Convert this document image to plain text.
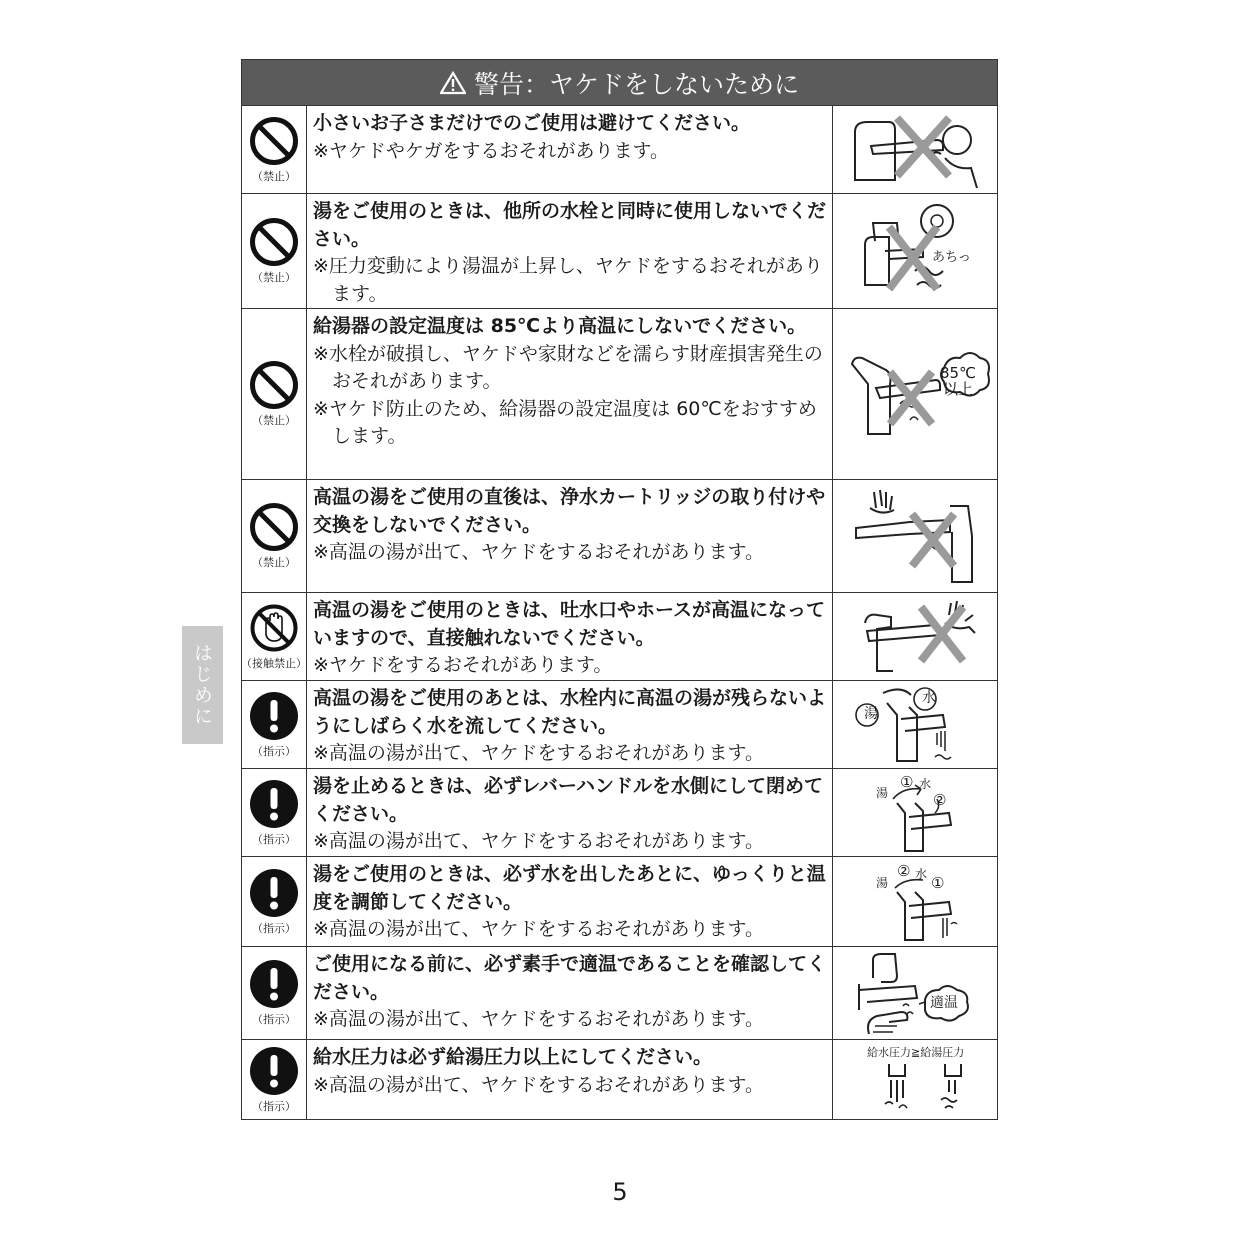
はじめに
警告：ヤケドをしないために
（禁止）
小さいお子さまだけでのご使用は避けてください。
※ヤケドやケガをするおそれがあります。
（禁止）
湯をご使用のときは、他所の水栓と同時に使用しないでください。
※圧力変動により湯温が上昇し、ヤケドをするおそれがあります。
あちっ
（禁止）
給湯器の設定温度は 85℃より高温にしないでください。
※水栓が破損し、ヤケドや家財などを濡らす財産損害発生のおそれがあります。
※ヤケド防止のため、給湯器の設定温度は 60℃をおすすめします。
85℃
以上
（禁止）
高温の湯をご使用の直後は、浄水カートリッジの取り付けや交換をしないでください。
※高温の湯が出て、ヤケドをするおそれがあります。
（接触禁止）
高温の湯をご使用のときは、吐水口やホースが高温になっていますので、直接触れないでください。
※ヤケドをするおそれがあります。
（指示）
高温の湯をご使用のあとは、水栓内に高温の湯が残らないようにしばらく水を流してください。
※高温の湯が出て、ヤケドをするおそれがあります。
湯
水
（指示）
湯を止めるときは、必ずレバーハンドルを水側にして閉めてください。
※高温の湯が出て、ヤケドをするおそれがあります。
湯
① 水
②
（指示）
湯をご使用のときは、必ず水を出したあとに、ゆっくりと温度を調節してください。
※高温の湯が出て、ヤケドをするおそれがあります。
湯
② 水 ①
（指示）
ご使用になる前に、必ず素手で適温であることを確認してください。
※高温の湯が出て、ヤケドをするおそれがあります。
適温
（指示）
給水圧力は必ず給湯圧力以上にしてください。
※高温の湯が出て、ヤケドをするおそれがあります。
給水圧力≧給湯圧力
5
